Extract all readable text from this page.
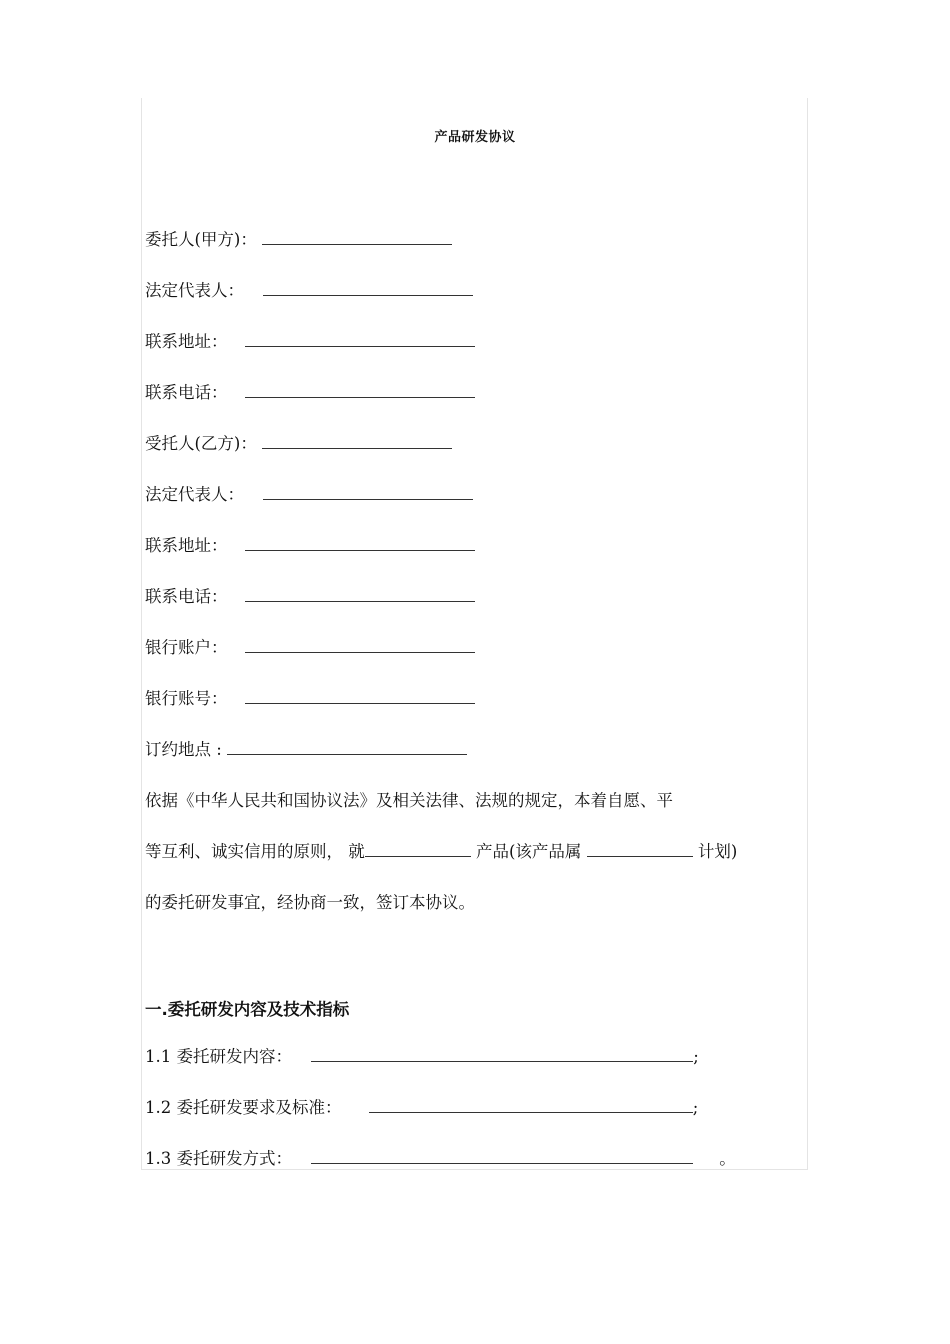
产品研发协议
委托人(甲方)：
法定代表人：
联系地址：
联系电话：
受托人(乙方)：
法定代表人：
联系地址：
联系电话：
银行账户：
银行账号：
订约地点 :
依据《中华人民共和国协议法》及相关法律、法规的规定，本着自愿、平
等互利、诚实信用的原则， 就	产品(该产品属	计划)
的委托研发事宜，经协商一致，签订本协议。
一.委托研发内容及技术指标
1.1 委托研发内容：	;
1.2 委托研发要求及标准：	;
1.3 委托研发方式：	。
